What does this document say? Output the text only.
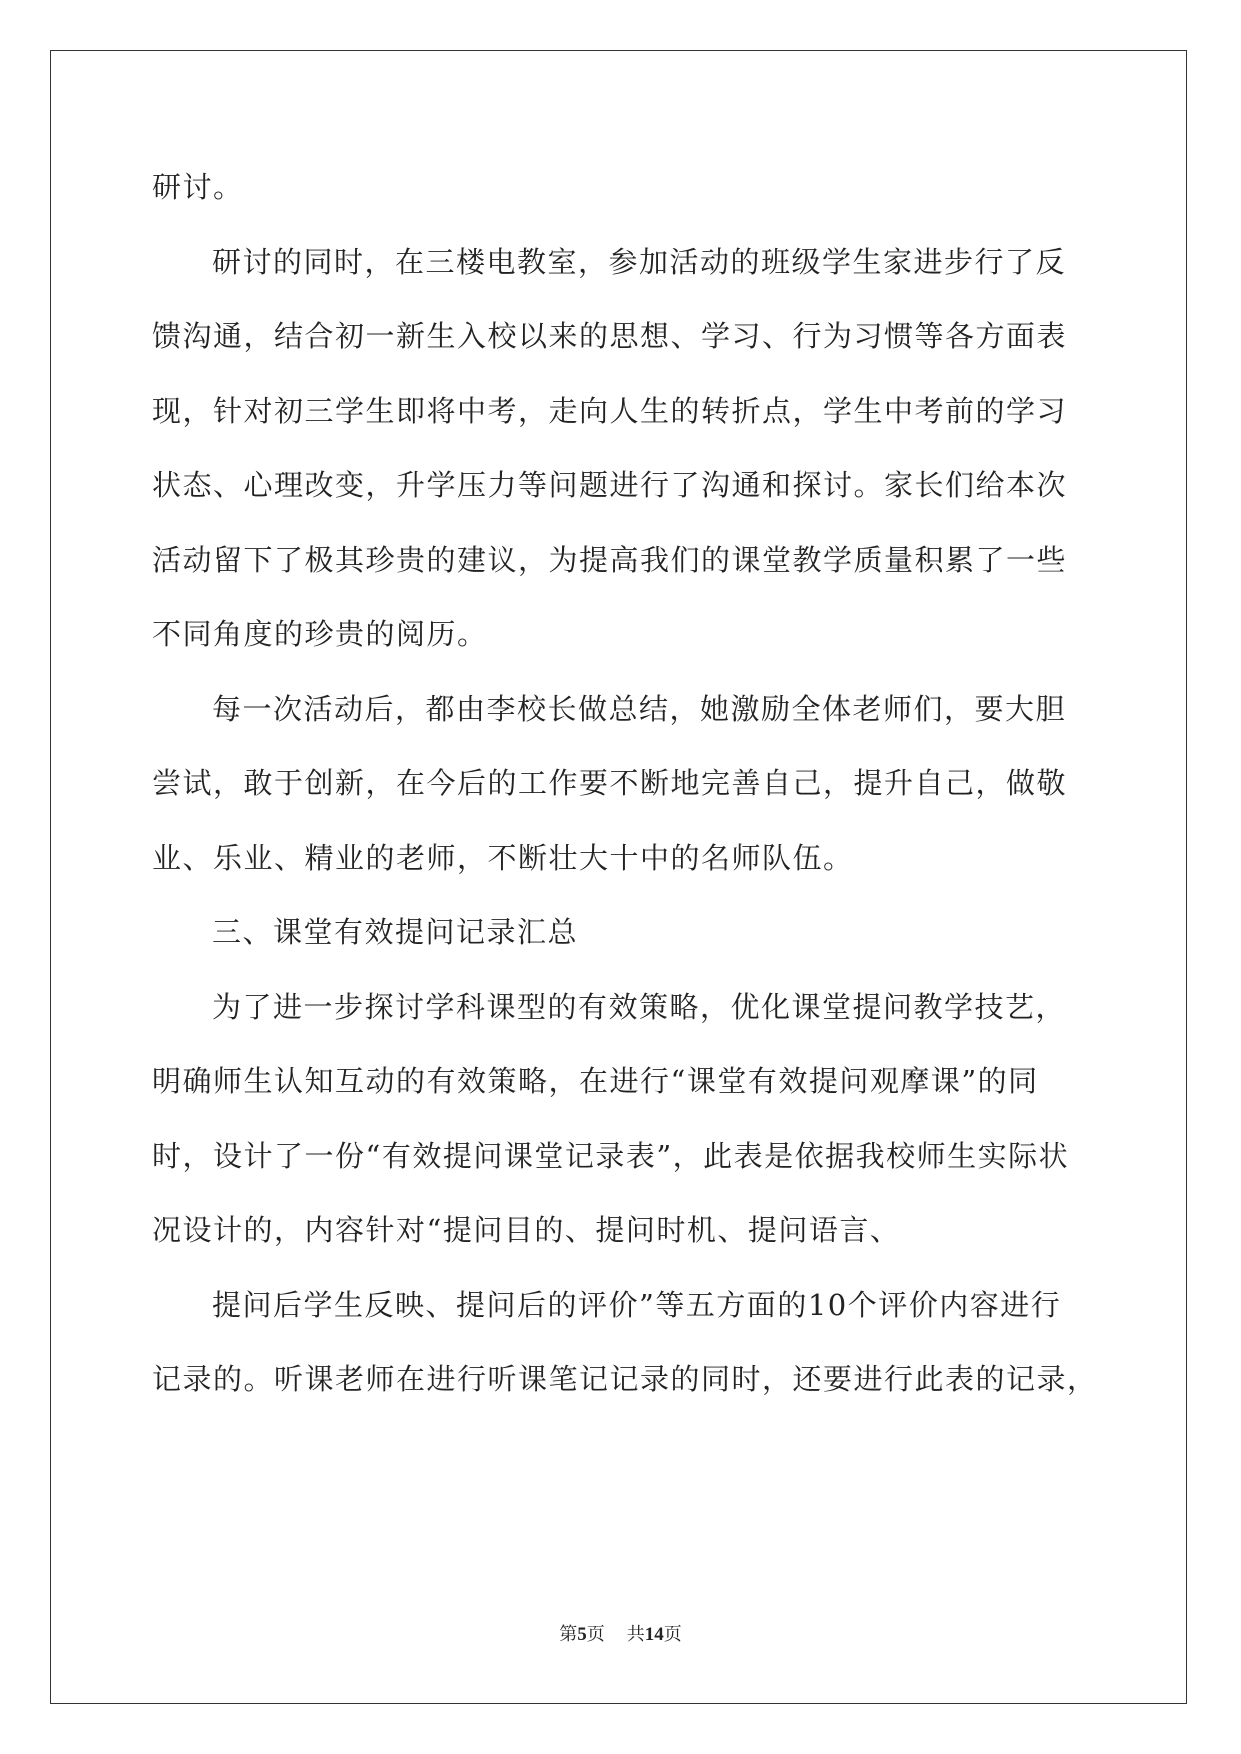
研讨。
研讨的同时，在三楼电教室，参加活动的班级学生家进步行了反
馈沟通，结合初一新生入校以来的思想、学习、行为习惯等各方面表
现，针对初三学生即将中考，走向人生的转折点，学生中考前的学习
状态、心理改变，升学压力等问题进行了沟通和探讨。家长们给本次
活动留下了极其珍贵的建议，为提高我们的课堂教学质量积累了一些
不同角度的珍贵的阅历。
每一次活动后，都由李校长做总结，她激励全体老师们，要大胆
尝试，敢于创新，在今后的工作要不断地完善自己，提升自己，做敬
业、乐业、精业的老师，不断壮大十中的名师队伍。
三、课堂有效提问记录汇总
为了进一步探讨学科课型的有效策略，优化课堂提问教学技艺，
明确师生认知互动的有效策略，在进行“课堂有效提问观摩课”的同
时，设计了一份“有效提问课堂记录表”，此表是依据我校师生实际状
况设计的，内容针对“提问目的、提问时机、提问语言、
提问后学生反映、提问后的评价”等五方面的10个评价内容进行
记录的。听课老师在进行听课笔记记录的同时，还要进行此表的记录，
第5页 共14页
